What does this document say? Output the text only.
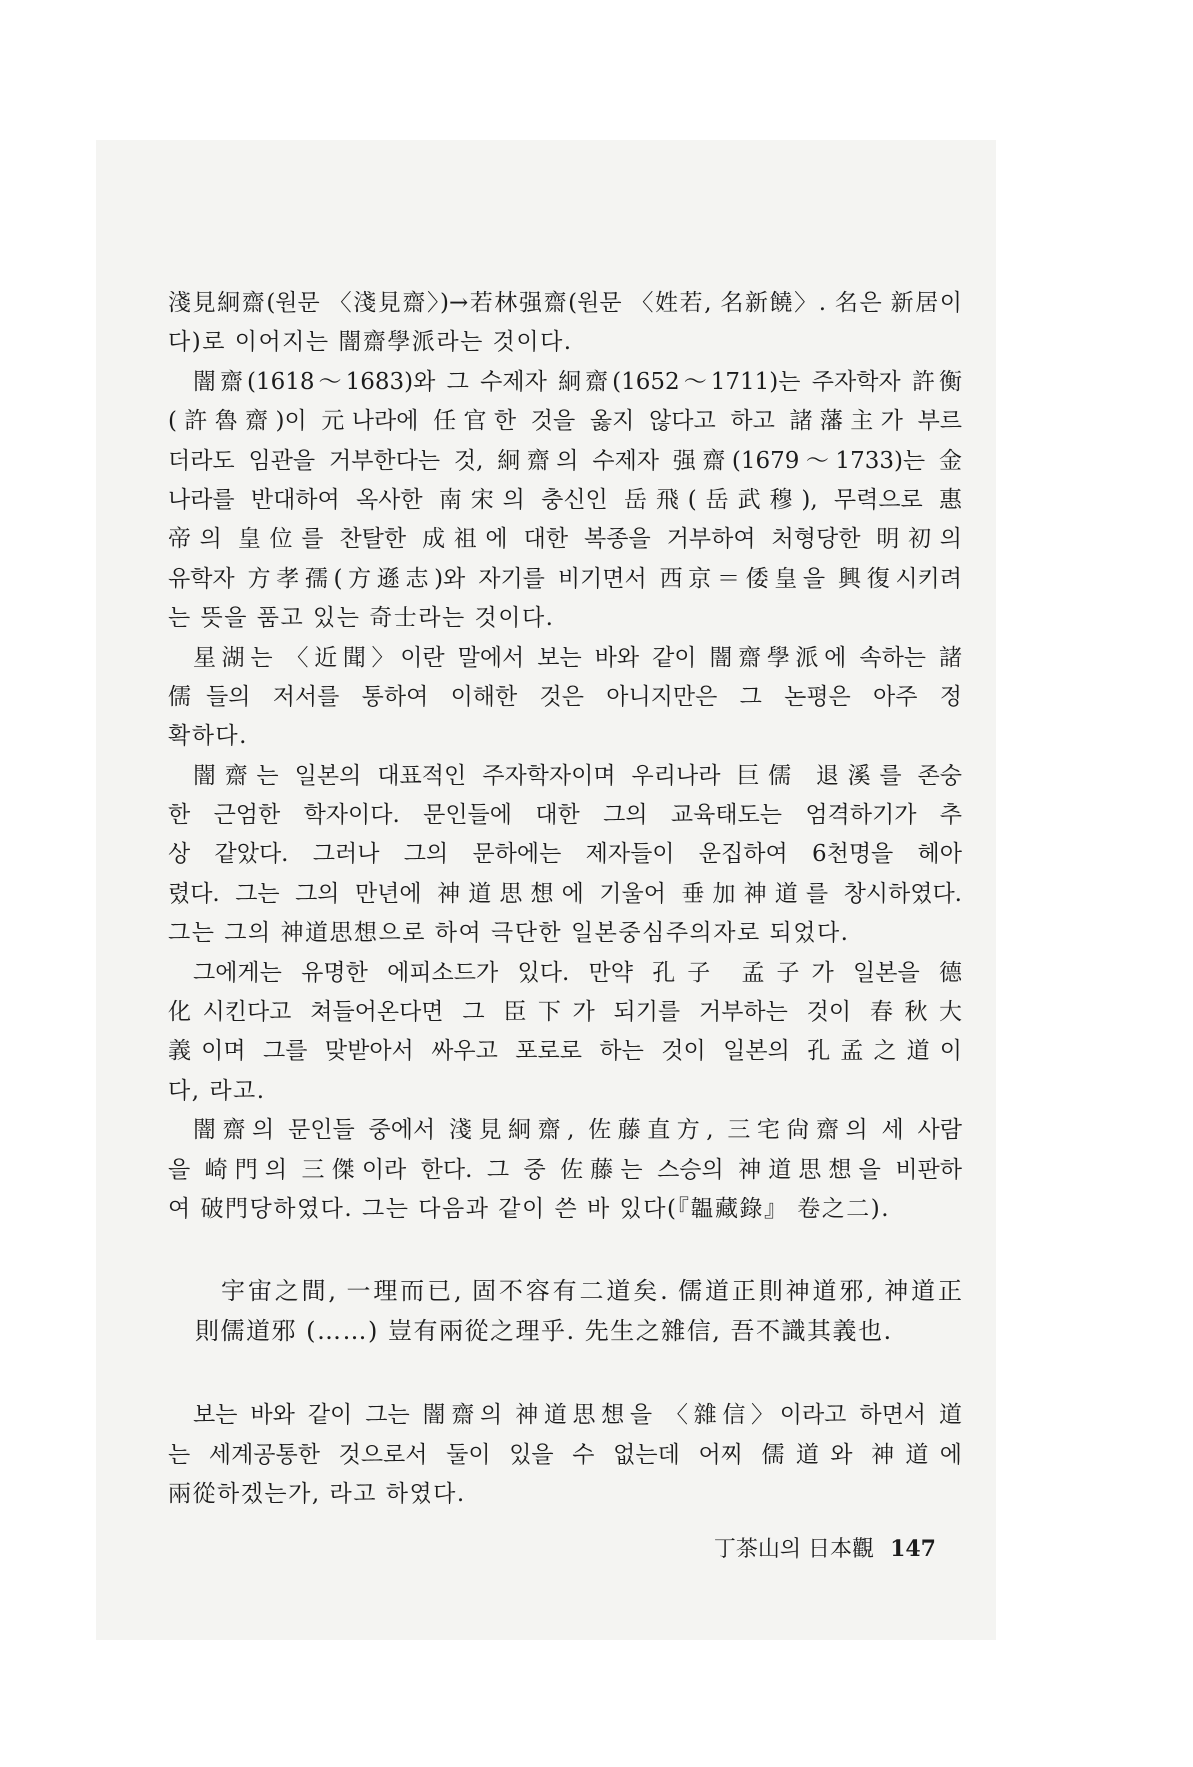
淺見絅齋(원문 〈淺見齋〉)→若林强齋(원문 〈姓若, 名新饒〉. 名은 新居이
다)로 이어지는 闇齋學派라는 것이다.
闇齋(1618～1683)와 그 수제자 絅齋(1652～1711)는 주자학자 許衡
(許魯齋)이 元나라에 任官한 것을 옳지 않다고 하고 諸藩主가 부르
더라도 임관을 거부한다는 것, 絅齋의 수제자 强齋(1679～1733)는 金
나라를 반대하여 옥사한 南宋의 충신인 岳飛(岳武穆), 무력으로 惠
帝의 皇位를 찬탈한 成祖에 대한 복종을 거부하여 처형당한 明初의
유학자 方孝孺(方遜志)와 자기를 비기면서 西京＝倭皇을 興復시키려
는 뜻을 품고 있는 奇士라는 것이다.
星湖는 〈近聞〉이란 말에서 보는 바와 같이 闇齋學派에 속하는 諸
儒들의 저서를 통하여 이해한 것은 아니지만은 그 논평은 아주 정
확하다.
闇齋는 일본의 대표적인 주자학자이며 우리나라 巨儒 退溪를 존숭
한 근엄한 학자이다. 문인들에 대한 그의 교육태도는 엄격하기가 추
상 같았다. 그러나 그의 문하에는 제자들이 운집하여 6천명을 헤아
렸다. 그는 그의 만년에 神道思想에 기울어 垂加神道를 창시하였다.
그는 그의 神道思想으로 하여 극단한 일본중심주의자로 되었다.
그에게는 유명한 에피소드가 있다. 만약 孔子 孟子가 일본을 德
化시킨다고 쳐들어온다면 그 臣下가 되기를 거부하는 것이 春秋大
義이며 그를 맞받아서 싸우고 포로로 하는 것이 일본의 孔孟之道이
다, 라고.
闇齋의 문인들 중에서 淺見絅齋, 佐藤直方, 三宅尙齋의 세 사람
을 崎門의 三傑이라 한다. 그 중 佐藤는 스승의 神道思想을 비판하
여 破門당하였다. 그는 다음과 같이 쓴 바 있다(『韞藏錄』 卷之二).
宇宙之間, 一理而已, 固不容有二道矣. 儒道正則神道邪, 神道正
則儒道邪 (……) 豈有兩從之理乎. 先生之雜信, 吾不識其義也.
보는 바와 같이 그는 闇齋의 神道思想을 〈雜信〉이라고 하면서 道
는 세계공통한 것으로서 둘이 있을 수 없는데 어찌 儒道와 神道에
兩從하겠는가, 라고 하였다.
丁茶山의 日本觀 147
